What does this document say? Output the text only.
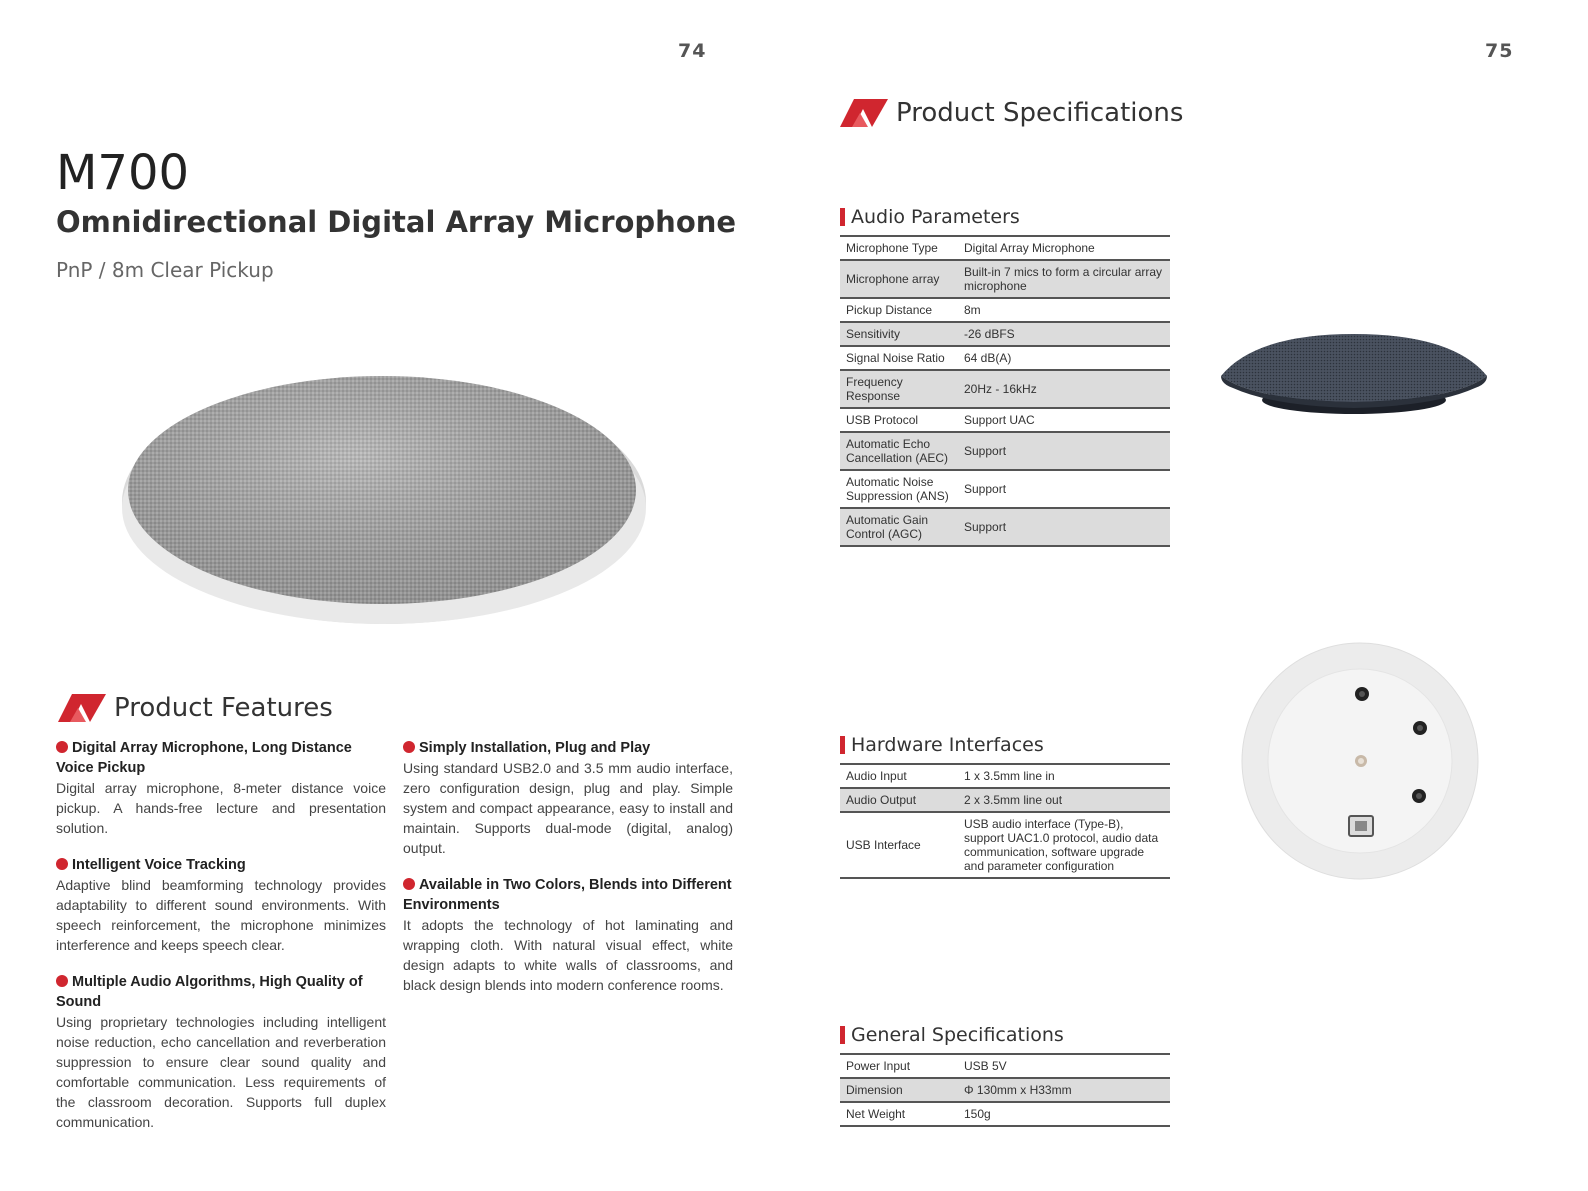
74	75
M700
Omnidirectional Digital Array Microphone
PnP / 8m Clear Pickup
Product Features
Digital Array Microphone, Long Distance Voice Pickup
Digital array microphone, 8-meter distance voice pickup. A hands-free lecture and presentation solution.
Intelligent Voice Tracking
Adaptive blind beamforming technology provides adaptability to different sound environments. With speech reinforcement, the microphone minimizes interference and keeps speech clear.
Multiple Audio Algorithms, High Quality of Sound
Using proprietary technologies including intelligent noise reduction, echo cancellation and reverberation suppression to ensure clear sound quality and comfortable communication. Less requirements of the classroom decoration. Supports full duplex communication.
Simply Installation, Plug and Play
Using standard USB2.0 and 3.5 mm audio interface, zero configuration design, plug and play. Simple system and compact appearance, easy to install and maintain. Supports dual-mode (digital, analog) output.
Available in Two Colors, Blends into Different Environments
It adopts the technology of hot laminating and wrapping cloth. With natural visual effect, white design adapts to white walls of classrooms, and black design blends into modern conference rooms.
Product Specifications
Audio Parameters
Microphone Type	Digital Array Microphone
Microphone array	Built-in 7 mics to form a circular array microphone
Pickup Distance	8m
Sensitivity	-26 dBFS
Signal Noise Ratio	64 dB(A)
Frequency Response	20Hz - 16kHz
USB Protocol	Support UAC
Automatic Echo Cancellation (AEC)	Support
Automatic Noise Suppression (ANS)	Support
Automatic Gain Control (AGC)	Support
Hardware Interfaces
Audio Input	1 x 3.5mm line in
Audio Output	2 x 3.5mm line out
USB Interface	USB audio interface (Type-B), support UAC1.0 protocol, audio data communication, software upgrade and parameter configuration
General Specifications
Power Input	USB 5V
Dimension	Φ 130mm x H33mm
Net Weight	150g
